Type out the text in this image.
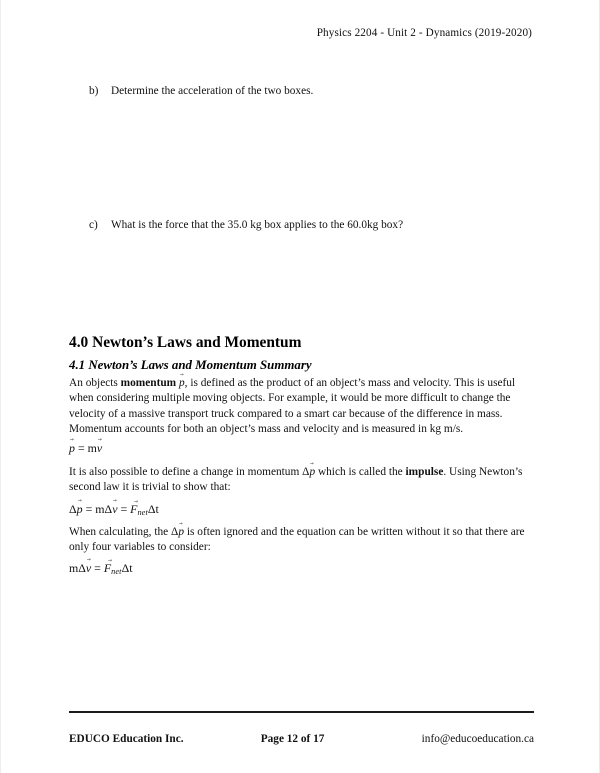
Physics 2204 - Unit 2 - Dynamics (2019-2020)
b)	Determine the acceleration of the two boxes.
c)	What is the force that the 35.0 kg box applies to the 60.0kg box?
4.0 Newton’s Laws and Momentum
4.1 Newton’s Laws and Momentum Summary
An objects momentum p →, is defined as the product of an object’s mass and velocity. This is useful when considering multiple moving objects. For example, it would be more difficult to change the velocity of a massive transport truck compared to a smart car because of the difference in mass. Momentum accounts for both an object’s mass and velocity and is measured in kg m/s.
p → = mv →
It is also possible to define a change in momentum Δp → which is called the impulse. Using Newton’s second law it is trivial to show that:
Δp → = mΔv → = $F \to_{net}\Delta t$
When calculating, the Δp → is often ignored and the equation can be written without it so that there are only four variables to consider:
mΔv → = $F \to_{net}\Delta t$
EDUCO Education Inc.	Page 12 of 17	info@educoeducation.ca
